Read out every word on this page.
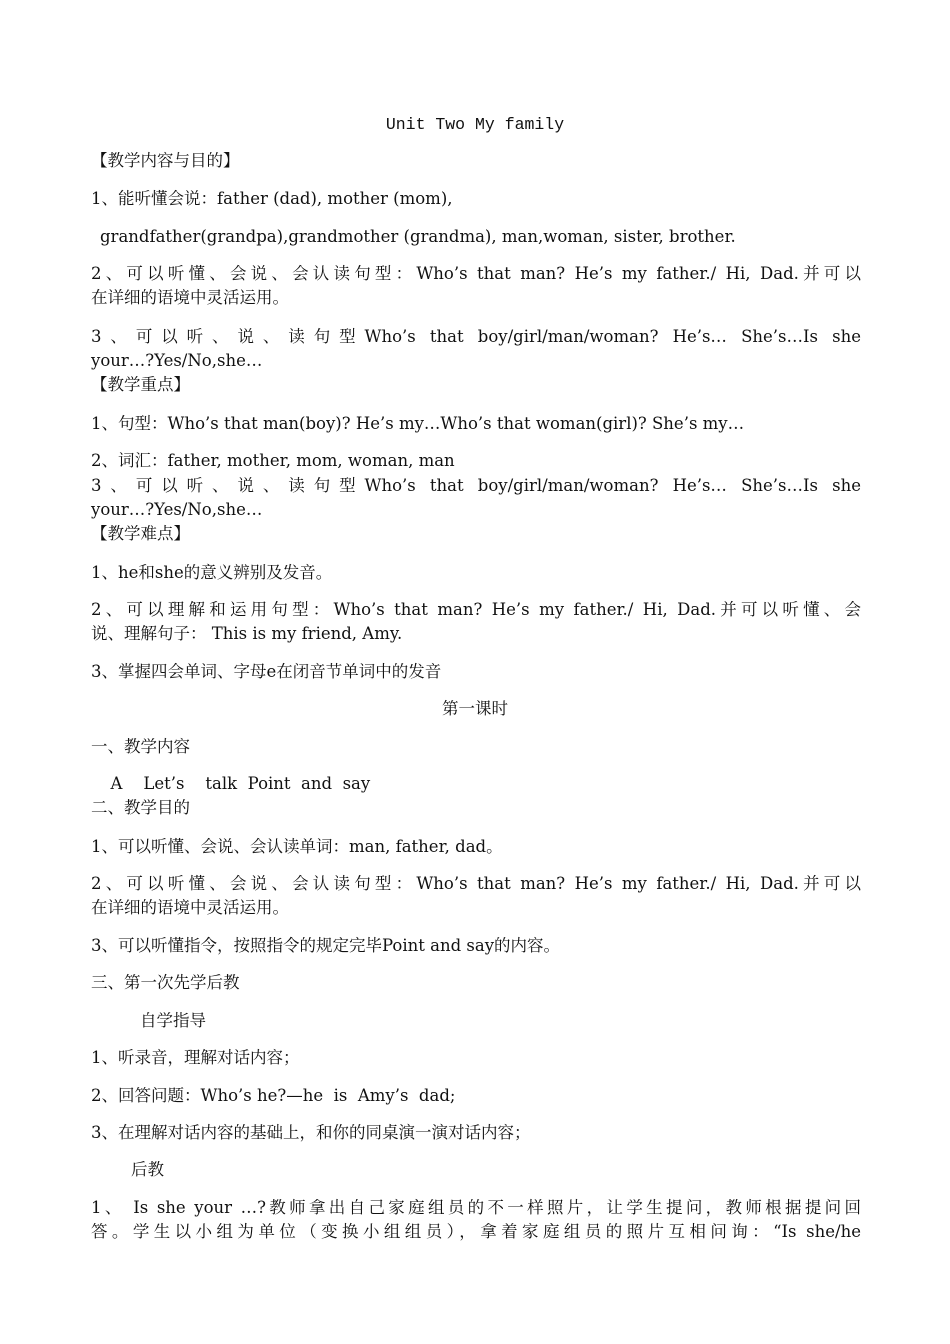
Unit Two My family
【教学内容与目的】
1、能听懂会说：father (dad), mother (mom),
grandfather(grandpa),grandmother (grandma), man,woman, sister, brother.
2、可以听懂、会说、会认读句型：Who’s that man? He’s my father./ Hi, Dad.并可以
在详细的语境中灵活运用。
3、可以听、说、读句型Who’s that boy/girl/man/woman? He’s… She’s…Is she
your…?Yes/No,she…
【教学重点】
1、句型：Who’s that man(boy)? He’s my…Who’s that woman(girl)? She’s my…
2、词汇：father, mother, mom, woman, man
3、可以听、说、读句型Who’s that boy/girl/man/woman? He’s… She’s…Is she
your…?Yes/No,she…
【教学难点】
1、he和she的意义辨别及发音。
2、可以理解和运用句型：Who’s that man? He’s my father./ Hi, Dad.并可以听懂、会
说、理解句子： This is my friend, Amy.
3、掌握四会单词、字母e在闭音节单词中的发音
第一课时
一、教学内容
A    Let’s    talk  Point  and  say
二、教学目的
1、可以听懂、会说、会认读单词：man, father, dad。
2、可以听懂、会说、会认读句型：Who’s that man? He’s my father./ Hi, Dad.并可以
在详细的语境中灵活运用。
3、可以听懂指令，按照指令的规定完毕Point and say的内容。
三、第一次先学后教
自学指导
1、听录音，理解对话内容；
2、回答问题：Who’s he?—he  is  Amy’s  dad;
3、在理解对话内容的基础上，和你的同桌演一演对话内容；
后教
1、 Is she your …?教师拿出自己家庭组员的不一样照片，让学生提问，教师根据提问回
答。学生以小组为单位（变换小组组员），拿着家庭组员的照片互相问询：“Is she/he
